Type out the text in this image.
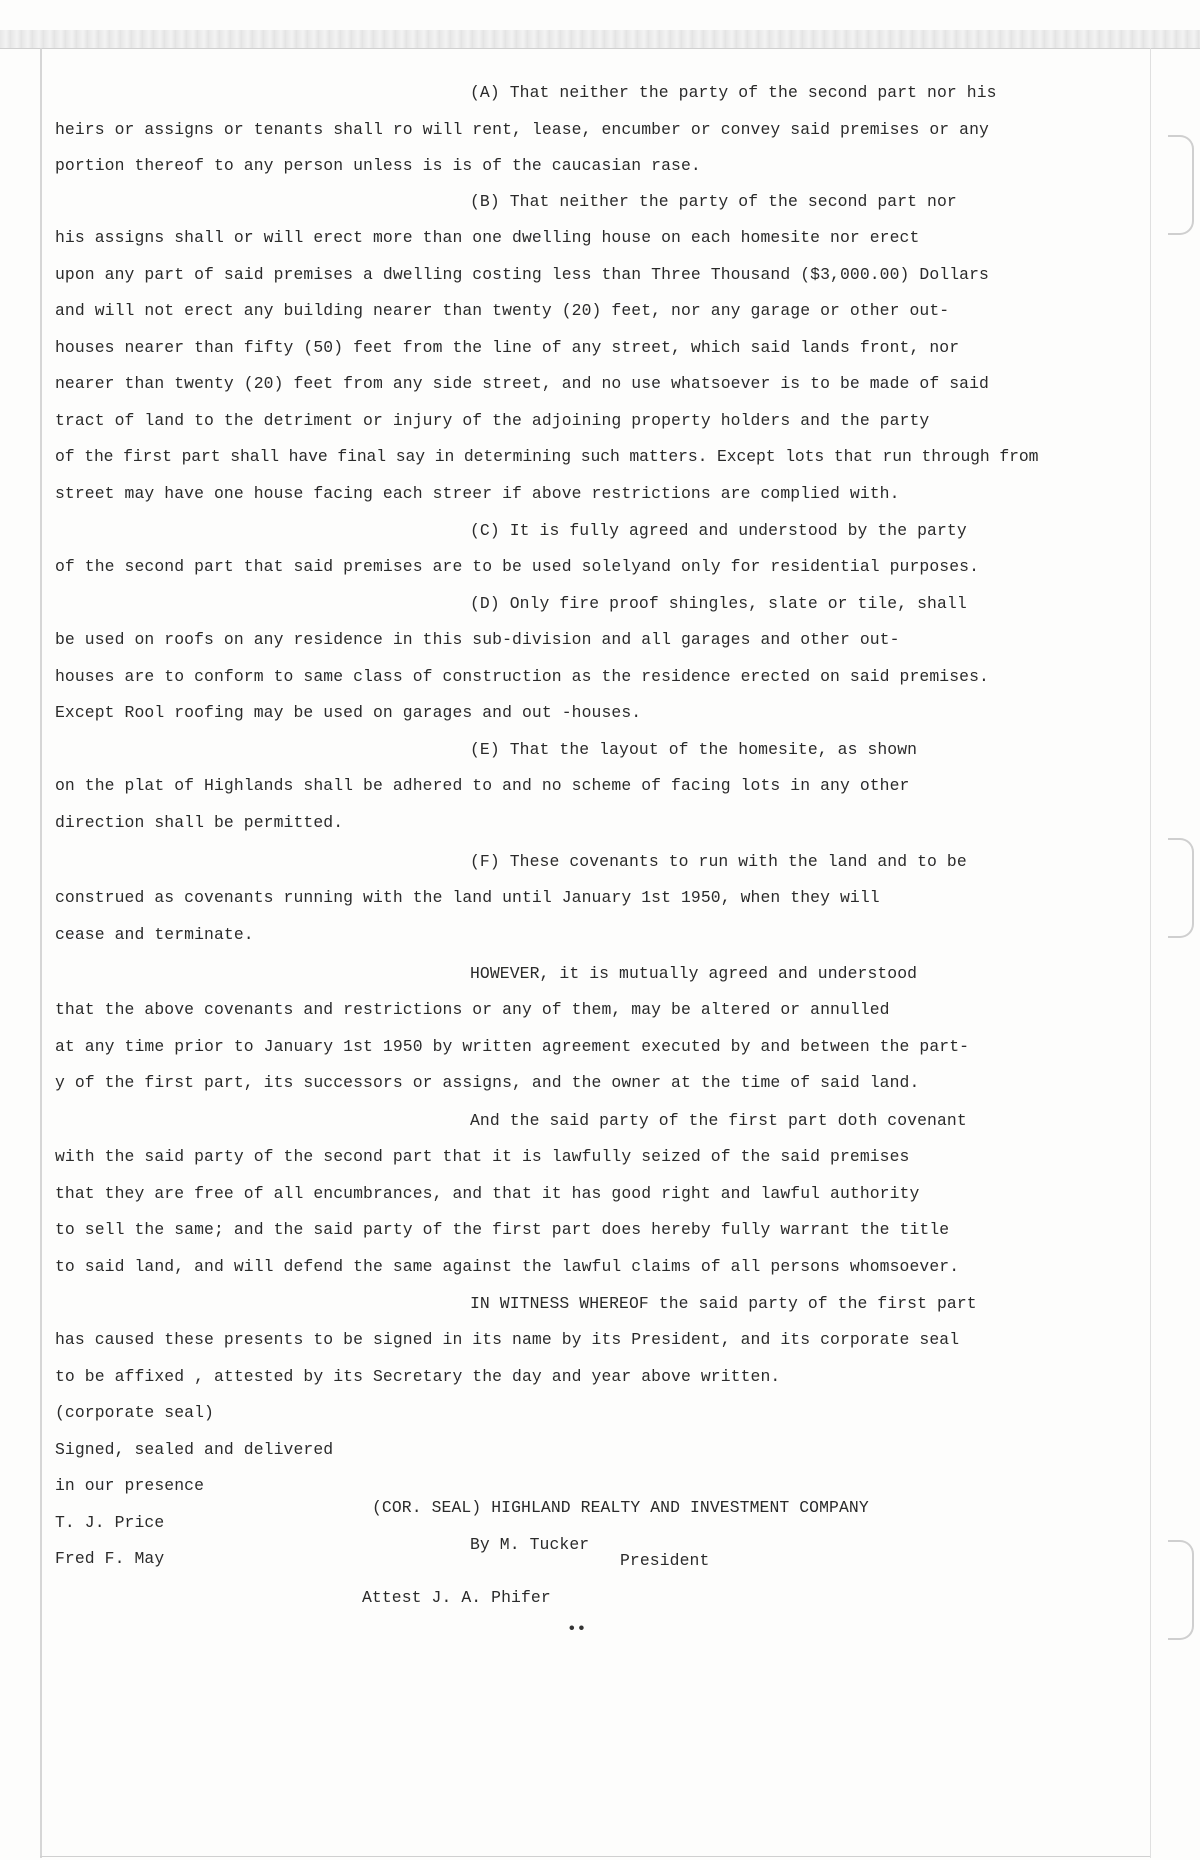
(A) That neither the party of the second part nor his
heirs or assigns or tenants shall ro will rent, lease, encumber or convey said premises or any
portion thereof to any person unless is is of the caucasian rase.
(B) That neither the party of the second part nor
his assigns shall or will erect more than one dwelling house on each homesite nor erect
upon any part of said premises a dwelling costing less than Three Thousand ($3,000.00) Dollars
and will not erect any building nearer than twenty (20) feet, nor any garage or other out-
houses nearer than fifty (50) feet from the line of any street, which said lands front, nor
nearer than twenty (20) feet from any side street, and no use whatsoever is to be made of said
tract of land to the detriment or injury of the adjoining property holders and the party
of the first part shall have final say in determining such matters. Except lots that run through from
street may have one house facing each streer if above restrictions are complied with.
(C) It is fully agreed and understood by the party
of the second part that said premises are to be used solelyand only for residential purposes.
(D) Only fire proof shingles, slate or tile, shall
be used on roofs on any residence in this sub-division and all garages and other out-
houses are to conform to same class of construction as the residence erected on said premises.
Except Rool roofing may be used on garages and out -houses.
(E) That the layout of the homesite, as shown
on the plat of Highlands shall be adhered to and no scheme of facing lots in any other
direction shall be permitted.
(F) These covenants to run with the land and to be
construed as covenants running with the land until January 1st 1950, when they will
cease and terminate.
HOWEVER, it is mutually agreed and understood
that the above covenants and restrictions or any of them, may be altered or annulled
at any time prior to January 1st 1950 by written agreement executed by and between the part-
y of the first part, its successors or assigns, and the owner at the time of said land.
And the said party of the first part doth covenant
with the said party of the second part that it is lawfully seized of the said premises
that they are free of all encumbrances, and that it has good right and lawful authority
to sell the same; and the said party of the first part does hereby fully warrant the title
to said land, and will defend the same against the lawful claims of all persons whomsoever.
IN WITNESS WHEREOF the said party of the first part
has caused these presents to be signed in its name by its President, and its corporate seal
to be affixed , attested by its Secretary the day and year above written.
(corporate seal)
Signed, sealed and delivered
in our presence
T. J. Price
Fred F. May
(COR. SEAL) HIGHLAND REALTY AND INVESTMENT COMPANY
By M. Tucker
President
Attest J. A. Phifer
••
